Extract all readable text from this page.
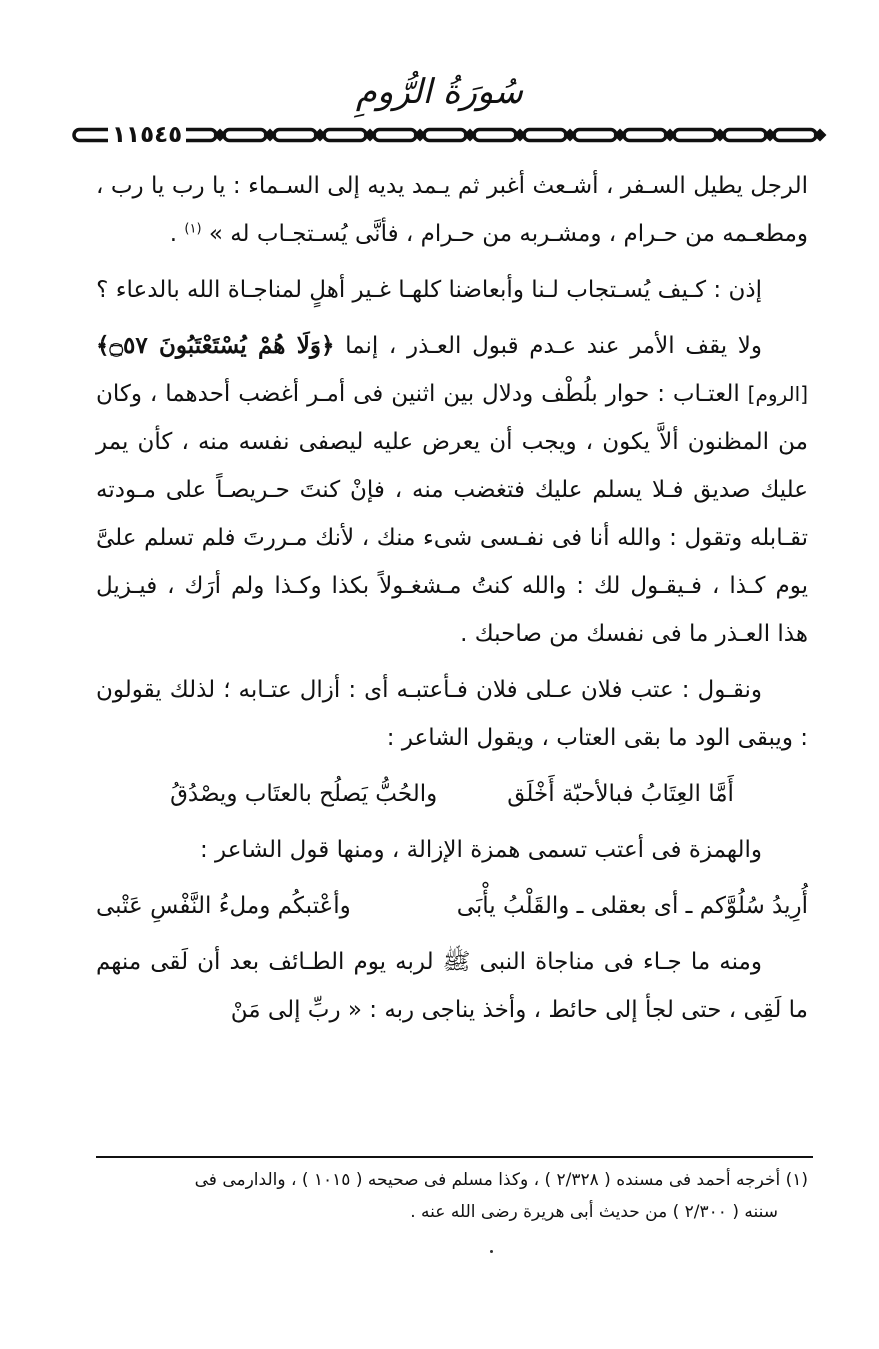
سُورَةُ الرُّومِ
١١٥٤٥

الرجل يطيل السـفر ، أشـعث أغبر ثم يـمد يديه إلى السـماء : يا رب يا رب ، ومطعـمه من حـرام ، ومشـربه من حـرام ، فأنَّى يُسـتجـاب له » $^{(١)}$ .

إذن : كـيف يُسـتجاب لـنا وأبعاضنا كلهـا غـير أهلٍ لمناجـاة الله بالدعاء ؟

ولا يقف الأمر عند عـدم قبول العـذر ، إنما ﴿وَلَا هُمْ يُسْتَعْتَبُونَ ۝٥٧﴾ [الروم] العتـاب : حوار بلُطْف ودلال بين اثنين فى أمـر أغضب أحدهما ، وكان من المظنون ألاَّ يكون ، ويجب أن يعرض عليه ليصفى نفسه منه ، كأن يمر عليك صديق فـلا يسلم عليك فتغضب منه ، فإنْ كنتَ حـريصـاً على مـودته تقـابله وتقول : والله أنا فى نفـسى شىء منك ، لأنك مـررتَ فلم تسلم علىَّ يوم كـذا ، فـيقـول لك : والله كنتُ مـشغـولاً بكذا وكـذا ولم أرَك ، فيـزيل هذا العـذر ما فى نفسك من صاحبك .

ونقـول : عتب فلان عـلى فلان فـأعتبـه أى : أزال عتـابه ؛ لذلك يقولون : ويبقى الود ما بقى العتاب ، ويقول الشاعر :

أَمَّا العِتَابُ فبالأحبّة أَخْلَق
والحُبُّ يَصلُح بالعتَاب ويصْدُقُ

والهمزة فى أعتب تسمى همزة الإزالة ، ومنها قول الشاعر :

أُرِيدُ سُلُوَّكم ـ أى بعقلى ـ والقَلْبُ يأْبَى
وأعْتبكُم وملءُ النَّفْسِ عَتْبى

ومنه ما جـاء فى مناجاة النبى ﷺ لربه يوم الطـائف بعد أن لَقى منهم ما لَقِى ، حتى لجأ إلى حائط ، وأخذ يناجى ربه : « ربِّ إلى مَنْ

(١) أخرجه أحمد فى مسنده ( ٢/٣٢٨ ) ، وكذا مسلم فى صحيحه ( ١٠١٥ ) ، والدارمى فى
سننه ( ٢/٣٠٠ ) من حديث أبى هريرة رضى الله عنه .
